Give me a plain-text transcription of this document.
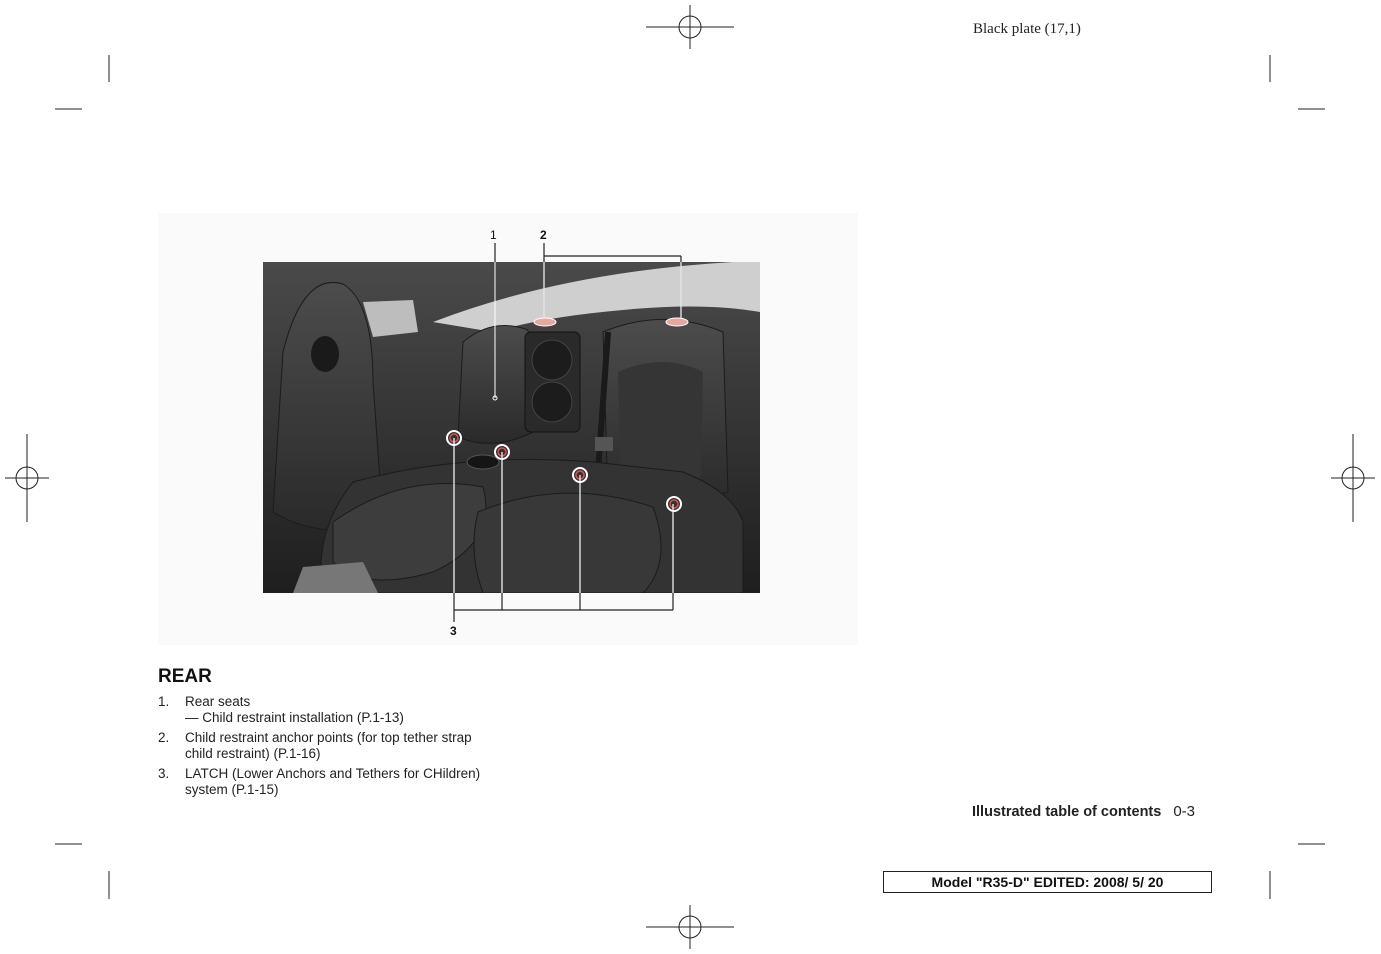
Black plate (17,1)
1	2
3
REAR
1. Rear seats
— Child restraint installation (P.1-13)
2. Child restraint anchor points (for top tether strap
child restraint) (P.1-16)
3. LATCH (Lower Anchors and Tethers for CHildren)
system (P.1-15)
Illustrated table of contents 0-3
Model "R35-D" EDITED: 2008/ 5/ 20
